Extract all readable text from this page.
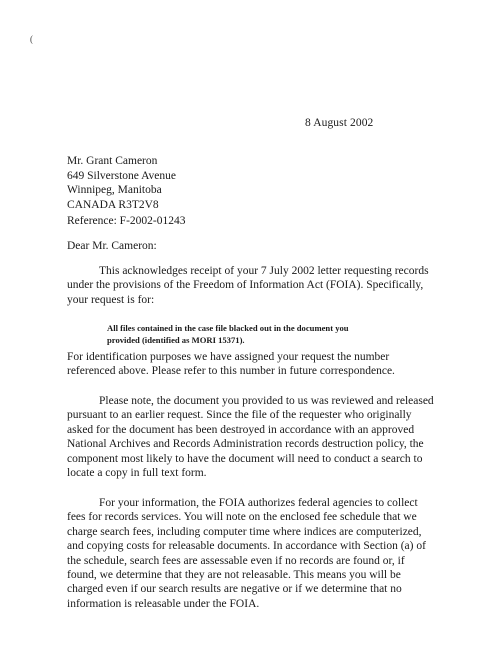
(
8 August 2002
Mr. Grant Cameron
649 Silverstone Avenue
Winnipeg, Manitoba
CANADA R3T2V8
Reference: F-2002-01243
Dear Mr. Cameron:
This acknowledges receipt of your 7 July 2002 letter requesting records
under the provisions of the Freedom of Information Act (FOIA). Specifically,
your request is for:
All files contained in the case file blacked out in the document you
provided (identified as MORI 15371).
For identification purposes we have assigned your request the number
referenced above. Please refer to this number in future correspondence.
Please note, the document you provided to us was reviewed and released
pursuant to an earlier request. Since the file of the requester who originally
asked for the document has been destroyed in accordance with an approved
National Archives and Records Administration records destruction policy, the
component most likely to have the document will need to conduct a search to
locate a copy in full text form.
For your information, the FOIA authorizes federal agencies to collect
fees for records services. You will note on the enclosed fee schedule that we
charge search fees, including computer time where indices are computerized,
and copying costs for releasable documents. In accordance with Section (a) of
the schedule, search fees are assessable even if no records are found or, if
found, we determine that they are not releasable. This means you will be
charged even if our search results are negative or if we determine that no
information is releasable under the FOIA.
